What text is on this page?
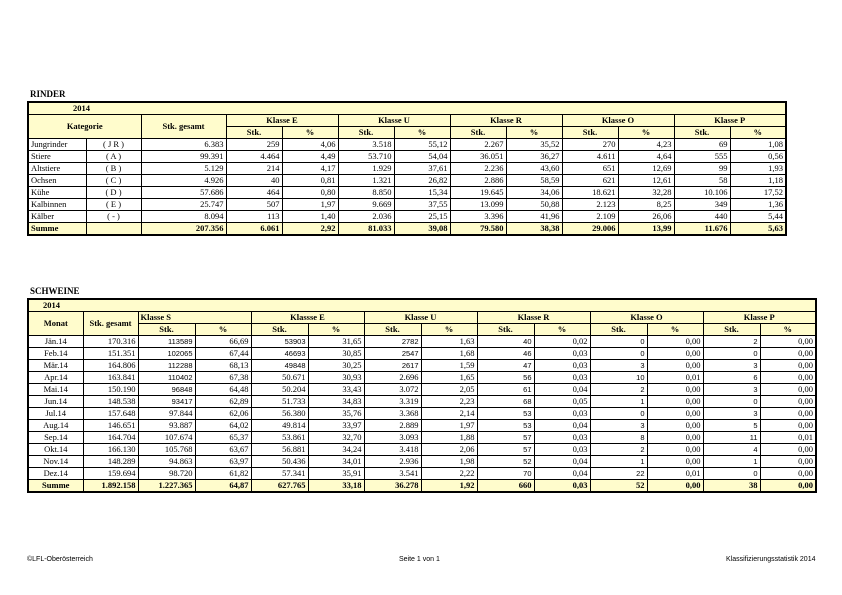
RINDER
2014												
Kategorie		Stk. gesamt	Klasse E		Klasse U		Klasse R		Klasse O		Klasse P	
			Stk.	%	Stk.	%	Stk.	%	Stk.	%	Stk.	%
Jungrinder	( J R )	6.383	259	4,06	3.518	55,12	2.267	35,52	270	4,23	69	1,08
Stiere	( A )	99.391	4.464	4,49	53.710	54,04	36.051	36,27	4.611	4,64	555	0,56
Altstiere	( B )	5.129	214	4,17	1.929	37,61	2.236	43,60	651	12,69	99	1,93
Ochsen	( C )	4.926	40	0,81	1.321	26,82	2.886	58,59	621	12,61	58	1,18
Kühe	( D )	57.686	464	0,80	8.850	15,34	19.645	34,06	18.621	32,28	10.106	17,52
Kalbinnen	( E )	25.747	507	1,97	9.669	37,55	13.099	50,88	2.123	8,25	349	1,36
Kälber	( - )	8.094	113	1,40	2.036	25,15	3.396	41,96	2.109	26,06	440	5,44
Summe		207.356	6.061	2,92	81.033	39,08	79.580	38,38	29.006	13,99	11.676	5,63
SCHWEINE
2014													
Monat	Stk. gesamt	Klasse S		Klassse E		Klasse U		Klasse R		Klasse O		Klasse P	
		Stk.	%	Stk.	%	Stk.	%	Stk.	%	Stk.	%	Stk.	%
Jän.14	170.316	113589	66,69	53903	31,65	2782	1,63	40	0,02	0	0,00	2	0,00
Feb.14	151.351	102065	67,44	46693	30,85	2547	1,68	46	0,03	0	0,00	0	0,00
Mär.14	164.806	112288	68,13	49848	30,25	2617	1,59	47	0,03	3	0,00	3	0,00
Apr.14	163.841	110402	67,38	50.671	30,93	2.696	1,65	56	0,03	10	0,01	6	0,00
Mai.14	150.190	96848	64,48	50.204	33,43	3.072	2,05	61	0,04	2	0,00	3	0,00
Jun.14	148.538	93417	62,89	51.733	34,83	3.319	2,23	68	0,05	1	0,00	0	0,00
Jul.14	157.648	97.844	62,06	56.380	35,76	3.368	2,14	53	0,03	0	0,00	3	0,00
Aug.14	146.651	93.887	64,02	49.814	33,97	2.889	1,97	53	0,04	3	0,00	5	0,00
Sep.14	164.704	107.674	65,37	53.861	32,70	3.093	1,88	57	0,03	8	0,00	11	0,01
Okt.14	166.130	105.768	63,67	56.881	34,24	3.418	2,06	57	0,03	2	0,00	4	0,00
Nov.14	148.289	94.863	63,97	50.436	34,01	2.936	1,98	52	0,04	1	0,00	1	0,00
Dez.14	159.694	98.720	61,82	57.341	35,91	3.541	2,22	70	0,04	22	0,01	0	0,00
Summe	1.892.158	1.227.365	64,87	627.765	33,18	36.278	1,92	660	0,03	52	0,00	38	0,00
©LFL-Oberösterreich	Seite 1 von 1	Klassifizierungsstatistik 2014
